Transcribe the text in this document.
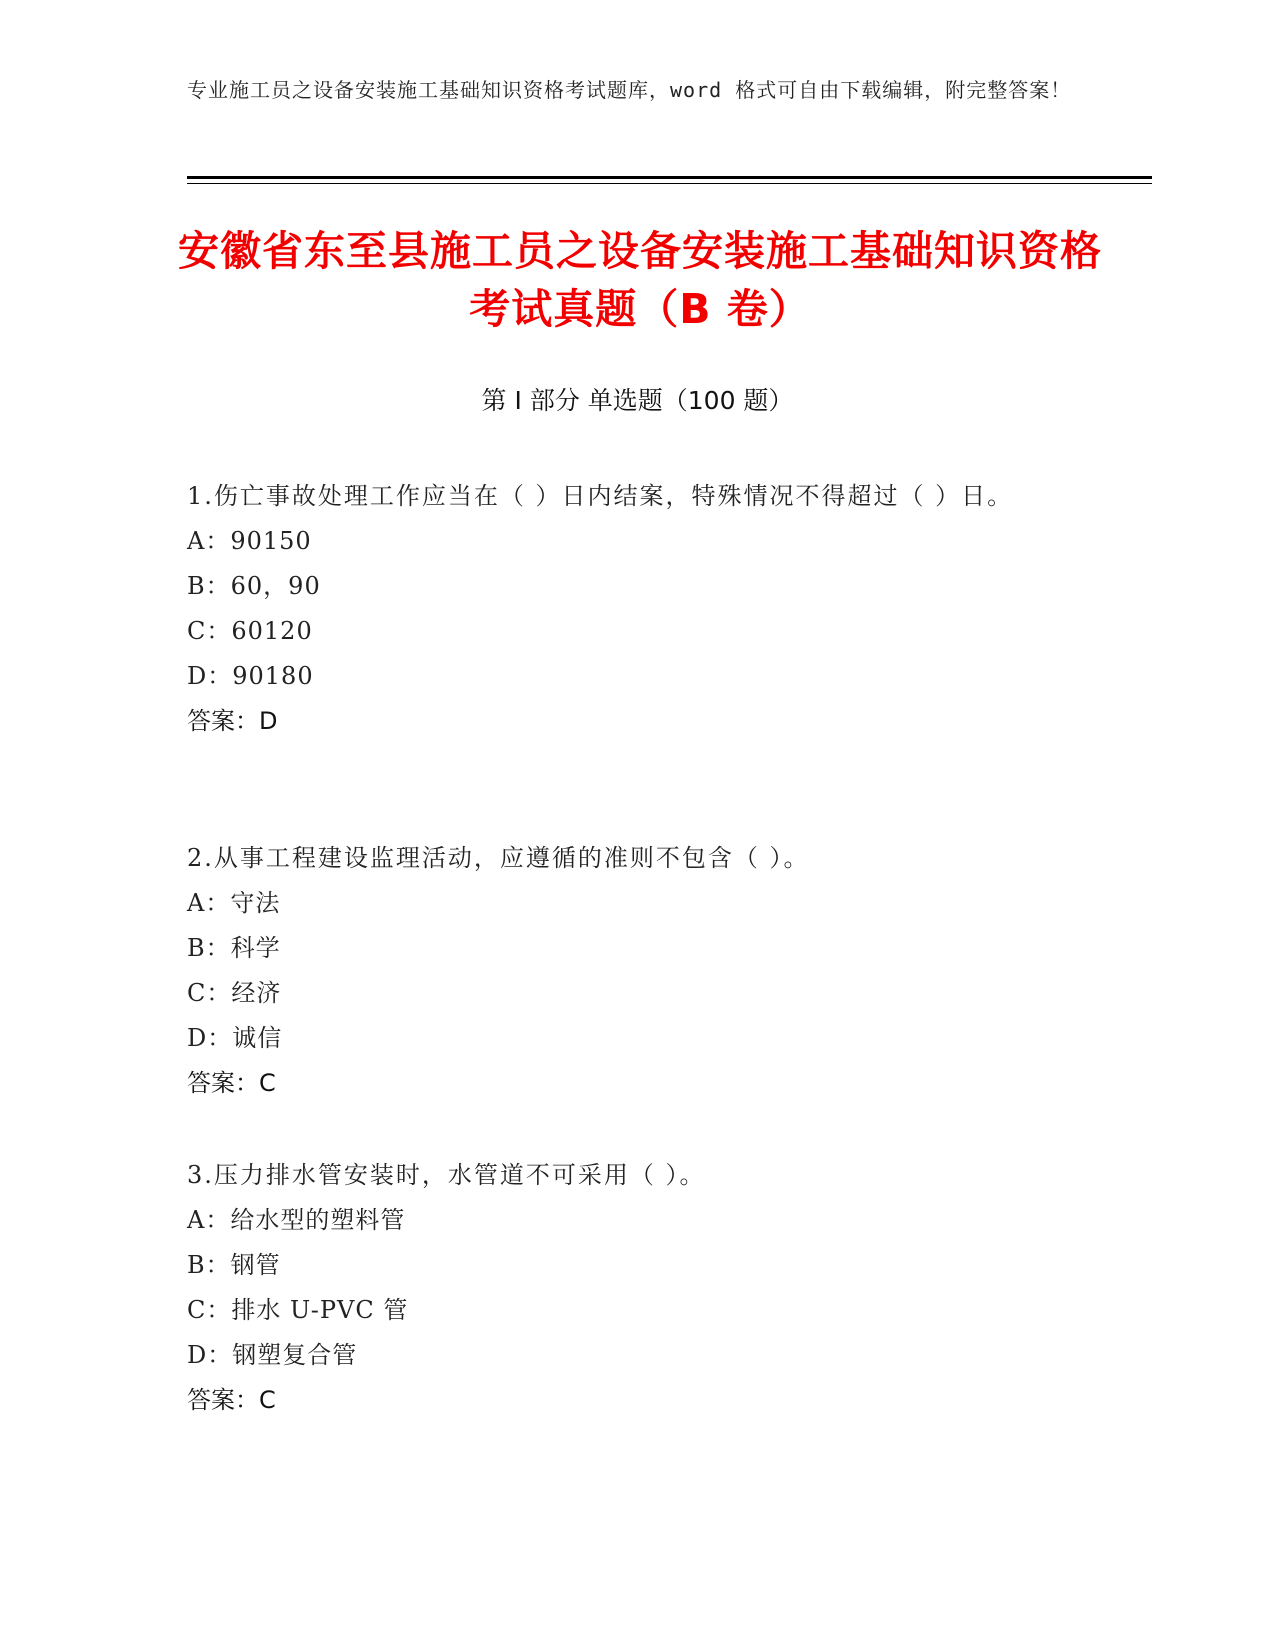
专业施工员之设备安装施工基础知识资格考试题库，word 格式可自由下载编辑，附完整答案！
安徽省东至县施工员之设备安装施工基础知识资格考试真题（B 卷）
第 I 部分 单选题（100 题）
1.伤亡事故处理工作应当在（ ）日内结案，特殊情况不得超过（ ）日。
A：90150
B：60，90
C：60120
D：90180
答案：D
2.从事工程建设监理活动，应遵循的准则不包含（ ）。
A：守法
B：科学
C：经济
D：诚信
答案：C
3.压力排水管安装时，水管道不可采用（ ）。
A：给水型的塑料管
B：钢管
C：排水 U-PVC 管
D：钢塑复合管
答案：C
